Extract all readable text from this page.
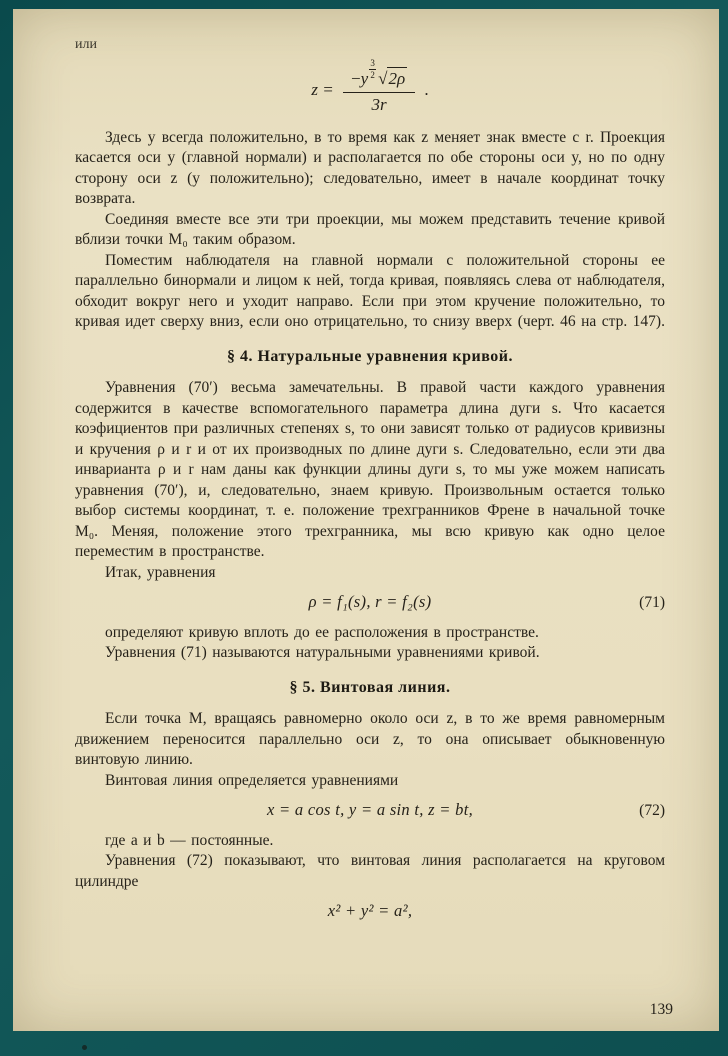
или
$z = \frac{-y\frac{3}{2} √2\rho}{3r}$ .

Здесь y всегда положительно, в то время как z меняет знак вместе с r. Проекция касается оси y (главной нормали) и располагается по обе стороны оси y, но по одну сторону оси z (y положительно); следовательно, имеет в начале координат точку возврата.

Соединяя вместе все эти три проекции, мы можем представить течение кривой вблизи точки M₀ таким образом.

Поместим наблюдателя на главной нормали с положительной стороны ее параллельно бинормали и лицом к ней, тогда кривая, появляясь слева от наблюдателя, обходит вокруг него и уходит направо. Если при этом кручение положительно, то кривая идет сверху вниз, если оно отрицательно, то снизу вверх (черт. 46 на стр. 147).

§ 4. Натуральные уравнения кривой.

Уравнения (70′) весьма замечательны. В правой части каждого уравнения содержится в качестве вспомогательного параметра длина дуги s. Что касается коэфициентов при различных степенях s, то они зависят только от радиусов кривизны и кручения ρ и r и от их производных по длине дуги s. Следовательно, если эти два инварианта ρ и r нам даны как функции длины дуги s, то мы уже можем написать уравнения (70′), и, следовательно, знаем кривую. Произвольным остается только выбор системы координат, т. е. положение трехгранников Френе в начальной точке M₀. Меняя, положение этого трехгранника, мы всю кривую как одно целое переместим в пространстве.

Итак, уравнения

ρ = f₁(s), r = f₂(s)	(71)

определяют кривую вплоть до ее расположения в пространстве.

Уравнения (71) называются натуральными уравнениями кривой.

§ 5. Винтовая линия.

Если точка M, вращаясь равномерно около оси z, в то же время равномерным движением переносится параллельно оси z, то она описывает обыкновенную винтовую линию.

Винтовая линия определяется уравнениями

x = a cos t, y = a sin t, z = bt,	(72)

где a и b — постоянные.

Уравнения (72) показывают, что винтовая линия располагается на круговом цилиндре

x² + y² = a²,
139
